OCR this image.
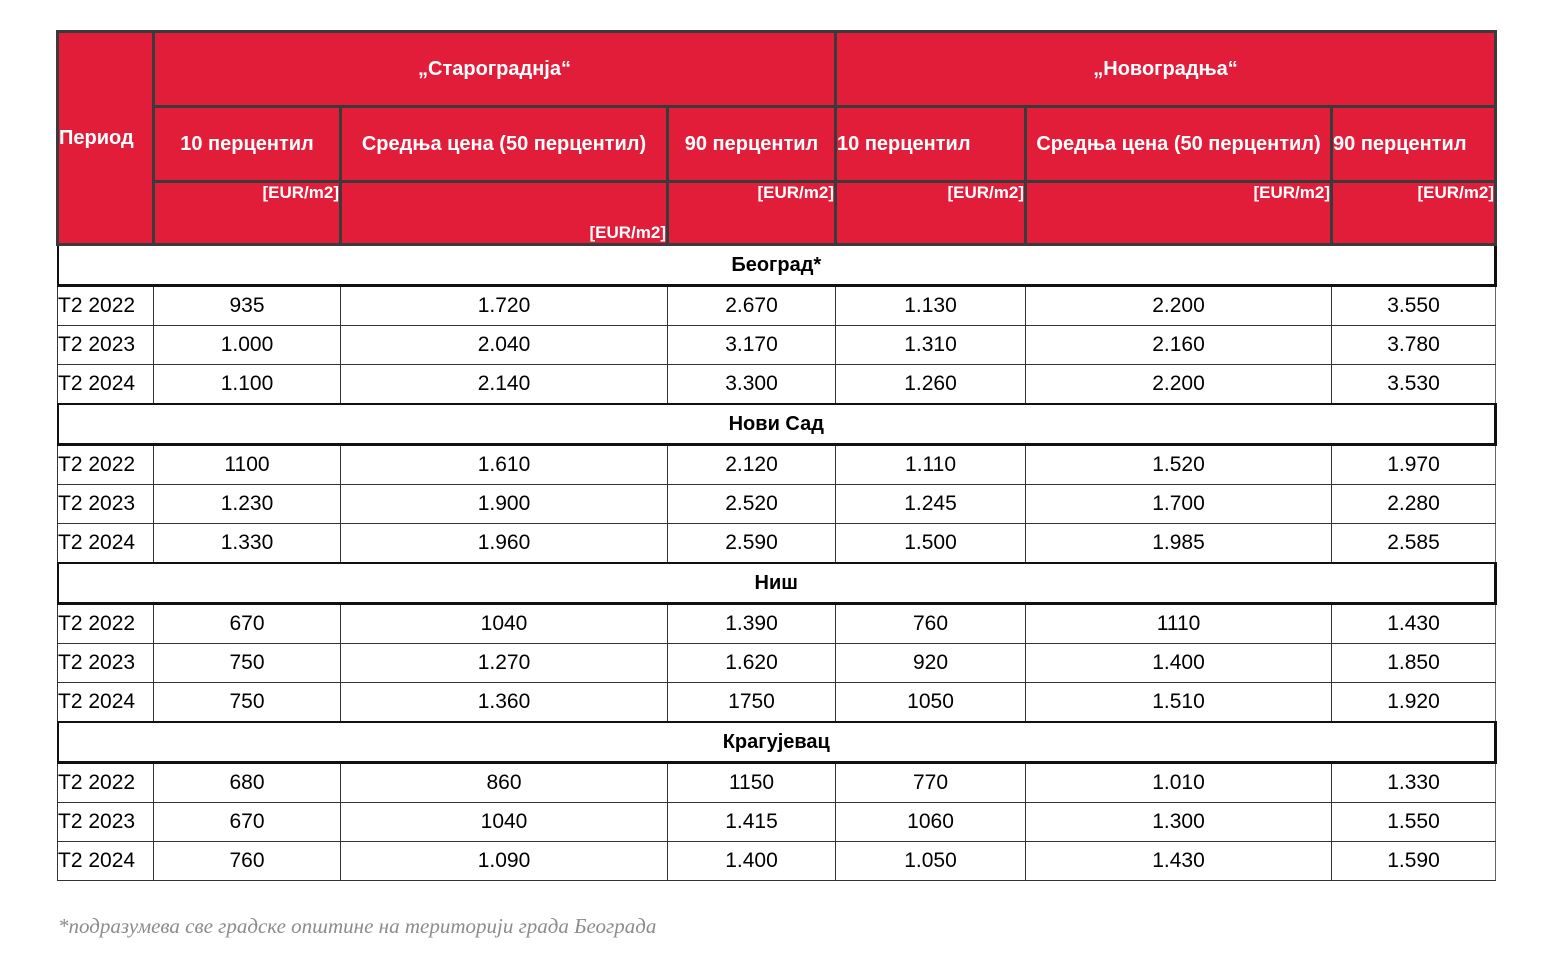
Период	„Старограднја“			„Новоградња“		
	10 перцентил	Средња цена (50 перцентил)	90 перцентил	10 перцентил	Средња цена (50 перцентил)	90 перцентил
	[EUR/m2]	[EUR/m2]	[EUR/m2]	[EUR/m2]	[EUR/m2]	[EUR/m2]
Београд*						
Т2 2022	935	1.720	2.670	1.130	2.200	3.550
Т2 2023	1.000	2.040	3.170	1.310	2.160	3.780
Т2 2024	1.100	2.140	3.300	1.260	2.200	3.530
Нови Сад						
Т2 2022	1100	1.610	2.120	1.110	1.520	1.970
Т2 2023	1.230	1.900	2.520	1.245	1.700	2.280
Т2 2024	1.330	1.960	2.590	1.500	1.985	2.585
Ниш						
Т2 2022	670	1040	1.390	760	1110	1.430
Т2 2023	750	1.270	1.620	920	1.400	1.850
Т2 2024	750	1.360	1750	1050	1.510	1.920
Крагујевац						
Т2 2022	680	860	1150	770	1.010	1.330
Т2 2023	670	1040	1.415	1060	1.300	1.550
Т2 2024	760	1.090	1.400	1.050	1.430	1.590
*подразумева све градске општине на територији града Београда
